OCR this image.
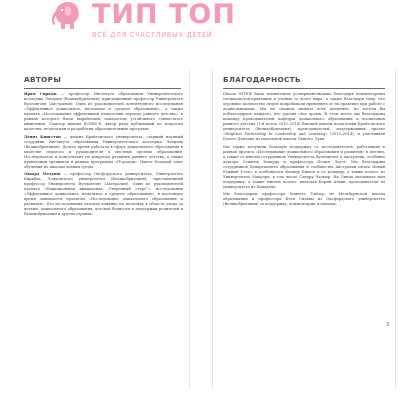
ТИП ТОП
ВСЁ ДЛЯ СЧАСТЛИВЫХ ДЕТЕЙ
АВТОРЫ

Ирам Сирадж — профессор Института образования Университетского колледжа Лондона (Великобритания); приглашенный профессор Университета Вуллонгонг (Австралия). Одна из руководителей лонгитюдного исследования «Эффективное дошкольное, начальное и среднее образование», а также проекта «Исследование эффективной педагогики периода раннего детства», в рамках которого были выработаны показатели устойчивого совместного мышления. Соавтор шкалы ECERS-E, автор ряда публикаций по вопросам качества, педагогики и разработки образовательных программ.

Дениз Кингстон — доцент Брайтонского университета, старший научный сотрудник Института образования Университетского колледжа Лондона (Великобритания). Долгое время работала в сфере дошкольного образования в качестве педагога и руководителя в местных органах образования. Исследователь и консультант по вопросам развития раннего детства, а также проведения тренингов в рамках программы «Портадж». Имеет большой опыт обучения по шкалам оценки среды.

Эдвард Мелуиш — профессор Оксфордского университета, Университета Биркбек, Лондонского университета (Великобритания); приглашенный профессор Университета Вуллонгонг (Австралия). Один из руководителей проекта «Национальная инициатива „Уверенный старт“», исследования «Эффективное дошкольное, начальное и среднее образование», в настоящее время занимается проектом «Исследование дошкольного образования и развития». Его исследования оказали влияние на политику в области ухода за детьми, дошкольного образования, детской бедности и поддержки родителей в Великобритании и других странах.

БЛАГОДАРНОСТЬ

Шкала SSTEW была значительно усовершенствована благодаря комментариям специалистов-практиков и ученых со всего мира, а также благодаря тому, что огромное количество людей попробовали применить ее на практике при работе с дошкольниками. Мы не сможем назвать всех поименно, но хотели бы поблагодарить каждого, кто уделил свое время. В этом месте мы благодарим команду преподавателей кафедры дошкольного образования и воспитания раннего детства (1-й поток 2013–2014) Высшей школы педагогики Брайтонского университета (Великобритания), преподавателей, поддержавших проект «Brighton Partnership in Leadership and Learning» (2015–2014), и участников Белого Фонтана из начальной школы Святого Луки.

Мы также получили большую поддержку от исследователей, работавших в рамках проекта «Исследование дошкольного образования и развития» в Англии, а также от многих сотрудников Университета Вуллонгонг в Австралии, особенно доктора Стивена Ховарда и профессора Полин Лоуэт. Мы благодарим сотрудников Департамента образования и сообщества Австралии штата Новый Южный Уэльс, в особенности Фионну Бишоп и ее команду, а также коллег из Университета Макуори, в том числе Сандру Чалмер. Их Линда оказывала нам поддержку, а также многих коллег, включая Корин Аткин, преподавателя из университета из Канадена.

Мы благодарим профессора Хеннетт Тайлер из Мельбурнской школы образования и профессора Кэти Сильвы из Оксфордского университета (Великобритания) за поддержку, комментарии и помощь.

3
